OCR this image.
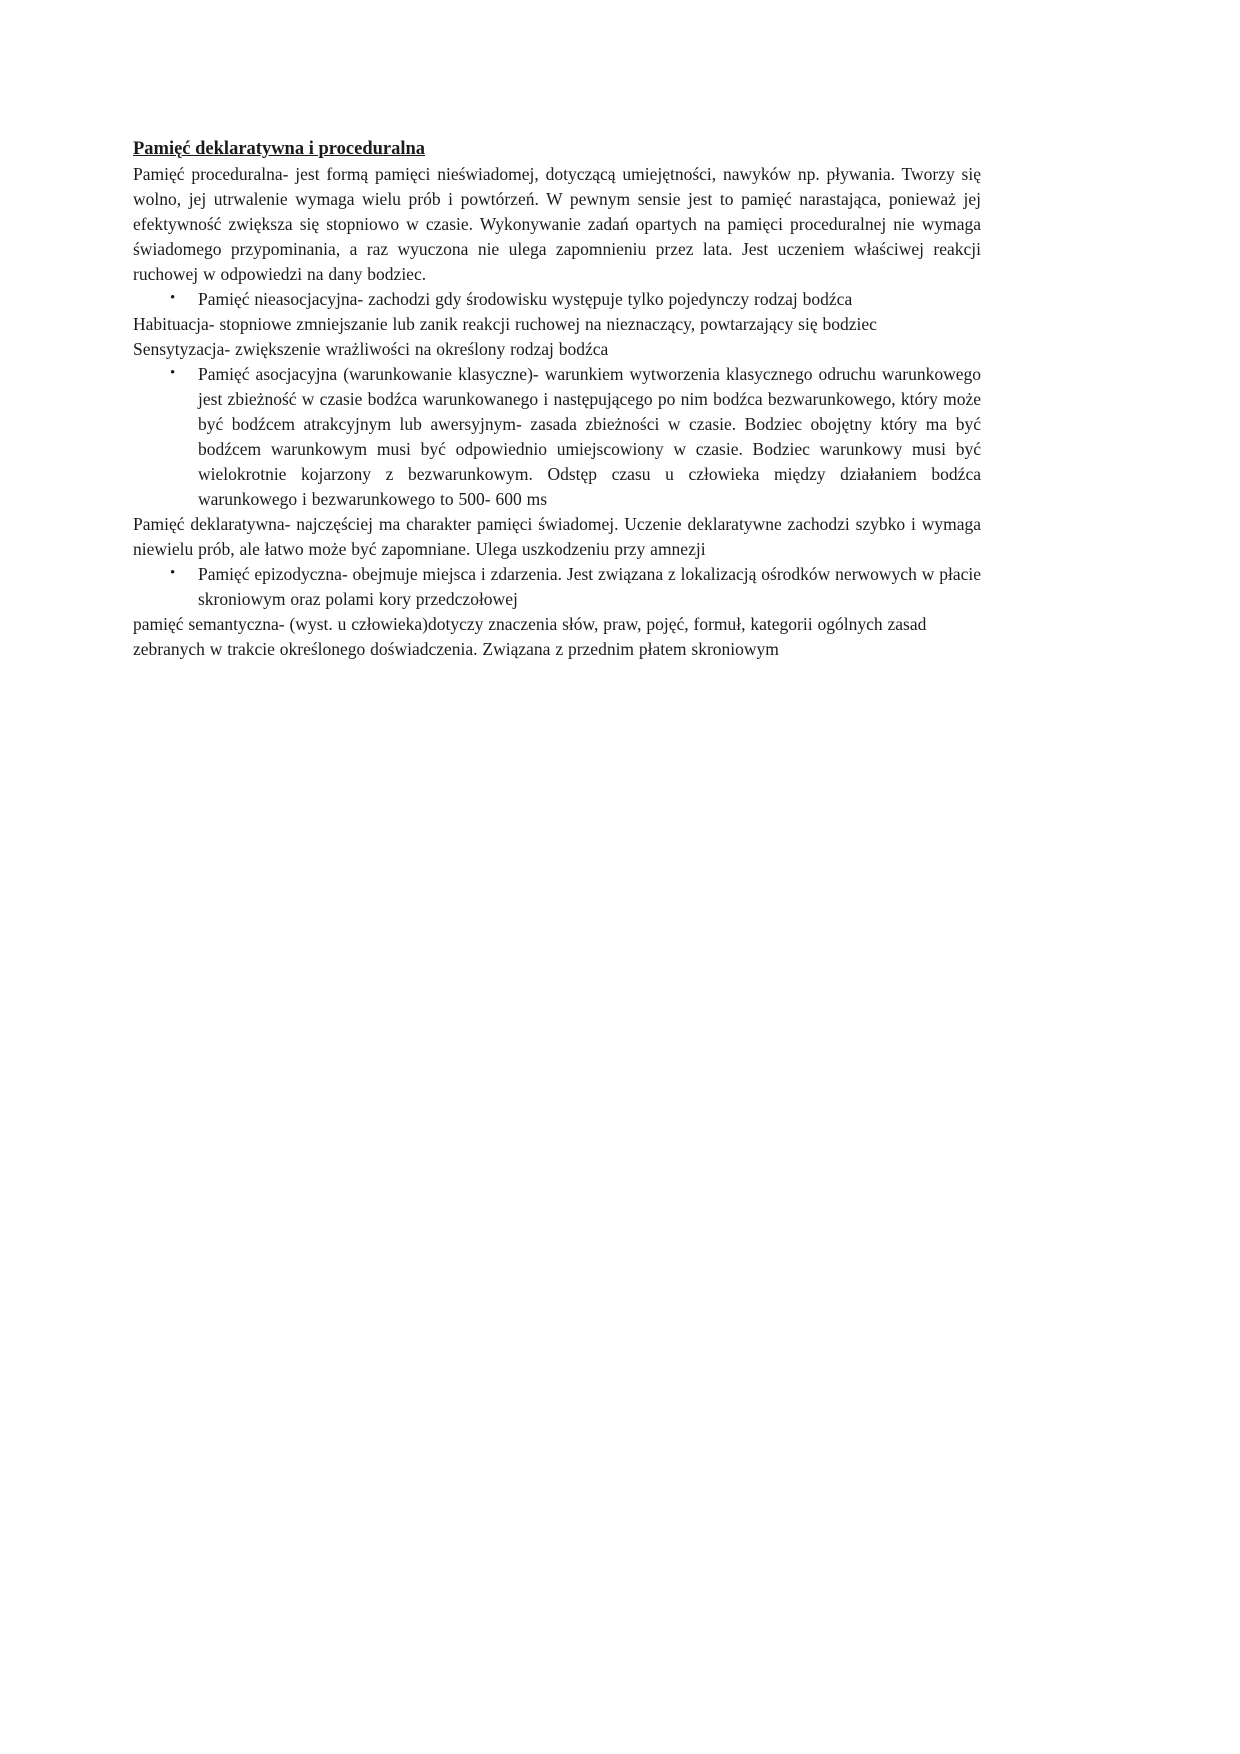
Pamięć deklaratywna i proceduralna

Pamięć proceduralna- jest formą pamięci nieświadomej, dotyczącą umiejętności, nawyków np. pływania. Tworzy się wolno, jej utrwalenie wymaga wielu prób i powtórzeń. W pewnym sensie jest to pamięć narastająca, ponieważ jej efektywność zwiększa się stopniowo w czasie. Wykonywanie zadań opartych na pamięci proceduralnej nie wymaga świadomego przypominania, a raz wyuczona nie ulega zapomnieniu przez lata. Jest uczeniem właściwej reakcji ruchowej w odpowiedzi na dany bodziec.

• Pamięć nieasocjacyjna- zachodzi gdy środowisku występuje tylko pojedynczy rodzaj bodźca

Habituacja- stopniowe zmniejszanie lub zanik reakcji ruchowej na nieznaczący, powtarzający się bodziec

Sensytyzacja- zwiększenie wrażliwości na określony rodzaj bodźca

• Pamięć asocjacyjna (warunkowanie klasyczne)- warunkiem wytworzenia klasycznego odruchu warunkowego jest zbieżność w czasie bodźca warunkowanego i następującego po nim bodźca bezwarunkowego, który może być bodźcem atrakcyjnym lub awersyjnym- zasada zbieżności w czasie. Bodziec obojętny który ma być bodźcem warunkowym musi być odpowiednio umiejscowiony w czasie. Bodziec warunkowy musi być wielokrotnie kojarzony z bezwarunkowym. Odstęp czasu u człowieka między działaniem bodźca warunkowego i bezwarunkowego to 500- 600 ms

Pamięć deklaratywna- najczęściej ma charakter pamięci świadomej. Uczenie deklaratywne zachodzi szybko i wymaga niewielu prób, ale łatwo może być zapomniane. Ulega uszkodzeniu przy amnezji

• Pamięć epizodyczna- obejmuje miejsca i zdarzenia. Jest związana z lokalizacją ośrodków nerwowych w płacie skroniowym oraz polami kory przedczołowej

pamięć semantyczna- (wyst. u człowieka)dotyczy znaczenia słów, praw, pojęć, formuł, kategorii ogólnych zasad zebranych w trakcie określonego doświadczenia. Związana z przednim płatem skroniowym
